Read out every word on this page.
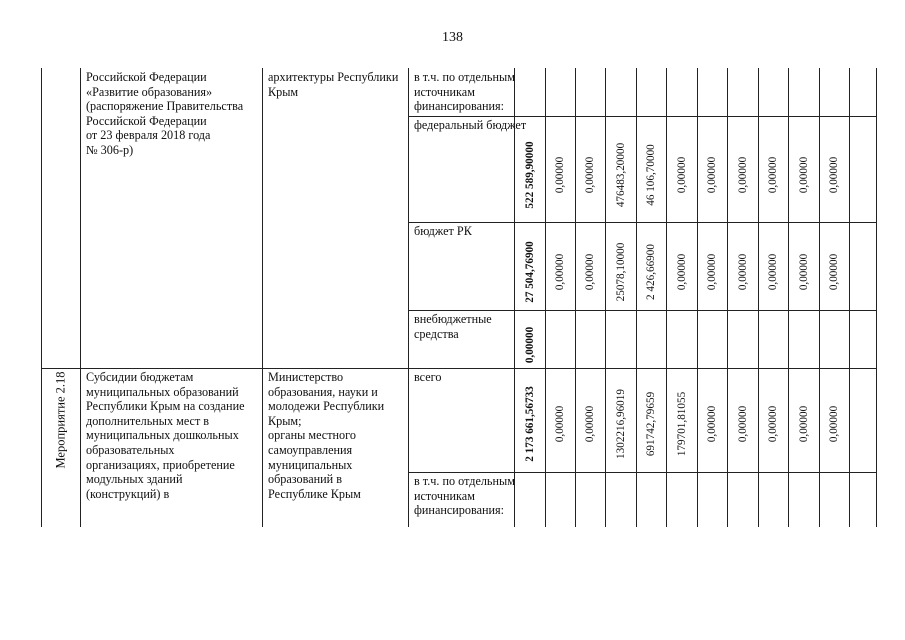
138
Российской Федерации
«Развитие образования»
(распоряжение Правительства
Российской Федерации
от 23 февраля 2018 года
№ 306-р)
архитектуры Республики
Крым
в т.ч. по отдельным
источникам
финансирования:
федеральный бюджет
522 589,90000 0,00000 0,00000 476483,20000 46 106,70000 0,00000 0,00000 0,00000 0,00000 0,00000 0,00000
бюджет РК
27 504,76900 0,00000 0,00000 25078,10000 2 426,66900 0,00000 0,00000 0,00000 0,00000 0,00000 0,00000
внебюджетные
средства	0,00000
Мероприятие 2.18 Субсидии бюджетам
муниципальных образований
Республики Крым на создание
дополнительных мест в
муниципальных дошкольных
образовательных
организациях, приобретение
модульных зданий
(конструкций) в
Министерство
образования, науки и
молодежи Республики
Крым;
органы местного
самоуправления
муниципальных
образований в
Республике Крым
всего
2 173 661,56733 0,00000 0,00000 1302216,96019 691742,79659 179701,81055 0,00000 0,00000 0,00000 0,00000 0,00000
в т.ч. по отдельным
источникам
финансирования:
